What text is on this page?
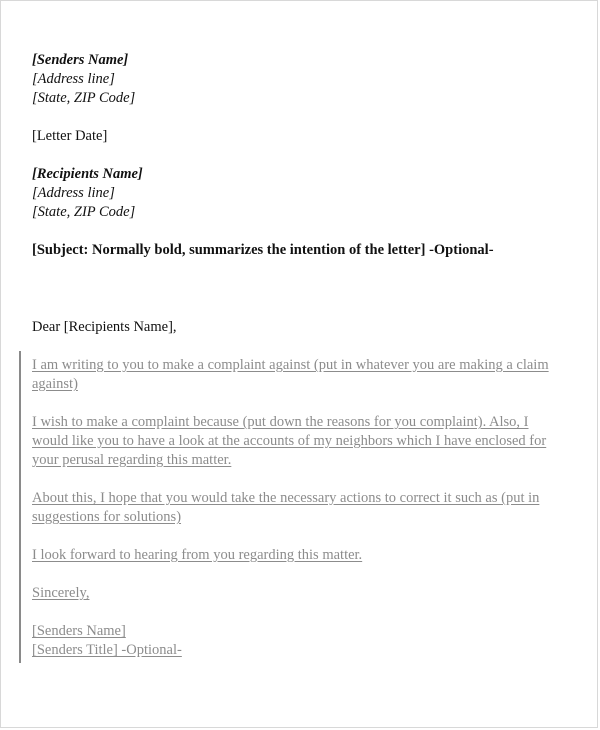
[Senders Name]
[Address line]
[State, ZIP Code]
[Letter Date]
[Recipients Name]
[Address line]
[State, ZIP Code]
[Subject: Normally bold, summarizes the intention of the letter] -Optional-
Dear [Recipients Name],
I am writing to you to make a complaint against (put in whatever you are making a claim
against)
I wish to make a complaint because (put down the reasons for you complaint). Also, I
would like you to have a look at the accounts of my neighbors which I have enclosed for
your perusal regarding this matter.
About this, I hope that you would take the necessary actions to correct it such as (put in
suggestions for solutions)
I look forward to hearing from you regarding this matter.
Sincerely,
[Senders Name]
[Senders Title] -Optional-
